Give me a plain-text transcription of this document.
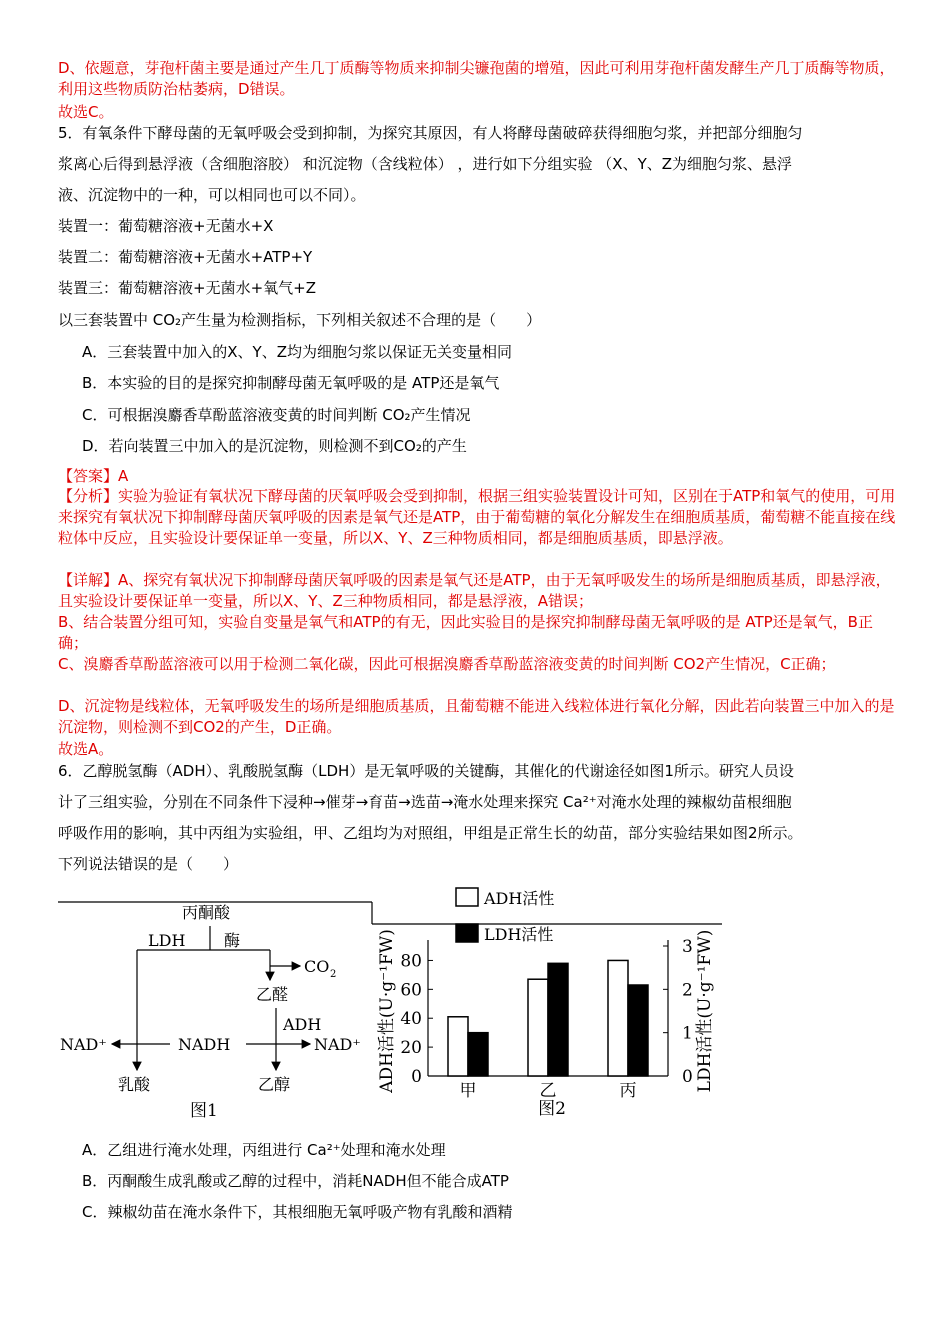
D、依题意，芽孢杆菌主要是通过产生几丁质酶等物质来抑制尖镰孢菌的增殖，因此可利用芽孢杆菌发酵生产几丁质酶等物质，利用这些物质防治枯萎病，D错误。
故选C。
5．有氧条件下酵母菌的无氧呼吸会受到抑制，为探究其原因，有人将酵母菌破碎获得细胞匀浆，并把部分细胞匀
浆离心后得到悬浮液（含细胞溶胶） 和沉淀物（含线粒体） ，进行如下分组实验 （X、Y、Z为细胞匀浆、悬浮
液、沉淀物中的一种，可以相同也可以不同）。
装置一：葡萄糖溶液+无菌水+X
装置二：葡萄糖溶液+无菌水+ATP+Y
装置三：葡萄糖溶液+无菌水+氧气+Z
以三套装置中 CO₂产生量为检测指标，下列相关叙述不合理的是（　　）
A．三套装置中加入的X、Y、Z均为细胞匀浆以保证无关变量相同
B．本实验的目的是探究抑制酵母菌无氧呼吸的是 ATP还是氧气
C．可根据溴麝香草酚蓝溶液变黄的时间判断 CO₂产生情况
D．若向装置三中加入的是沉淀物，则检测不到CO₂的产生
【答案】A
【分析】实验为验证有氧状况下酵母菌的厌氧呼吸会受到抑制，根据三组实验装置设计可知，区别在于ATP和氧气的使用，可用来探究有氧状况下抑制酵母菌厌氧呼吸的因素是氧气还是ATP，由于葡萄糖的氧化分解发生在细胞质基质，葡萄糖不能直接在线粒体中反应，且实验设计要保证单一变量，所以X、Y、Z三种物质相同，都是细胞质基质，即悬浮液。
【详解】A、探究有氧状况下抑制酵母菌厌氧呼吸的因素是氧气还是ATP，由于无氧呼吸发生的场所是细胞质基质，即悬浮液，且实验设计要保证单一变量，所以X、Y、Z三种物质相同，都是悬浮液，A错误；
B、结合装置分组可知，实验自变量是氧气和ATP的有无，因此实验目的是探究抑制酵母菌无氧呼吸的是 ATP还是氧气，B正确；
C、溴麝香草酚蓝溶液可以用于检测二氧化碳，因此可根据溴麝香草酚蓝溶液变黄的时间判断 CO2产生情况，C正确；
D、沉淀物是线粒体，无氧呼吸发生的场所是细胞质基质，且葡萄糖不能进入线粒体进行氧化分解，因此若向装置三中加入的是沉淀物，则检测不到CO2的产生，D正确。
故选A。
6．乙醇脱氢酶（ADH）、乳酸脱氢酶（LDH）是无氧呼吸的关键酶，其催化的代谢途径如图1所示。研究人员设
计了三组实验，分别在不同条件下浸种→催芽→育苗→选苗→淹水处理来探究 Ca²⁺对淹水处理的辣椒幼苗根细胞
呼吸作用的影响，其中丙组为实验组，甲、乙组均为对照组，甲组是正常生长的幼苗，部分实验结果如图2所示。
下列说法错误的是（　　）
丙酮酸
LDH 酶
CO 2
乙醛
ADH
NAD⁺	NADH	NAD⁺
乳酸	乙醇
图1
0
20
40
60
80
0
1
2
3
甲	乙	丙
ADH活性(U·g⁻¹FW)	LDH活性(U·g⁻¹FW)
ADH活性
LDH活性
图2
A．乙组进行淹水处理，丙组进行 Ca²⁺处理和淹水处理
B．丙酮酸生成乳酸或乙醇的过程中，消耗NADH但不能合成ATP
C．辣椒幼苗在淹水条件下，其根细胞无氧呼吸产物有乳酸和酒精
